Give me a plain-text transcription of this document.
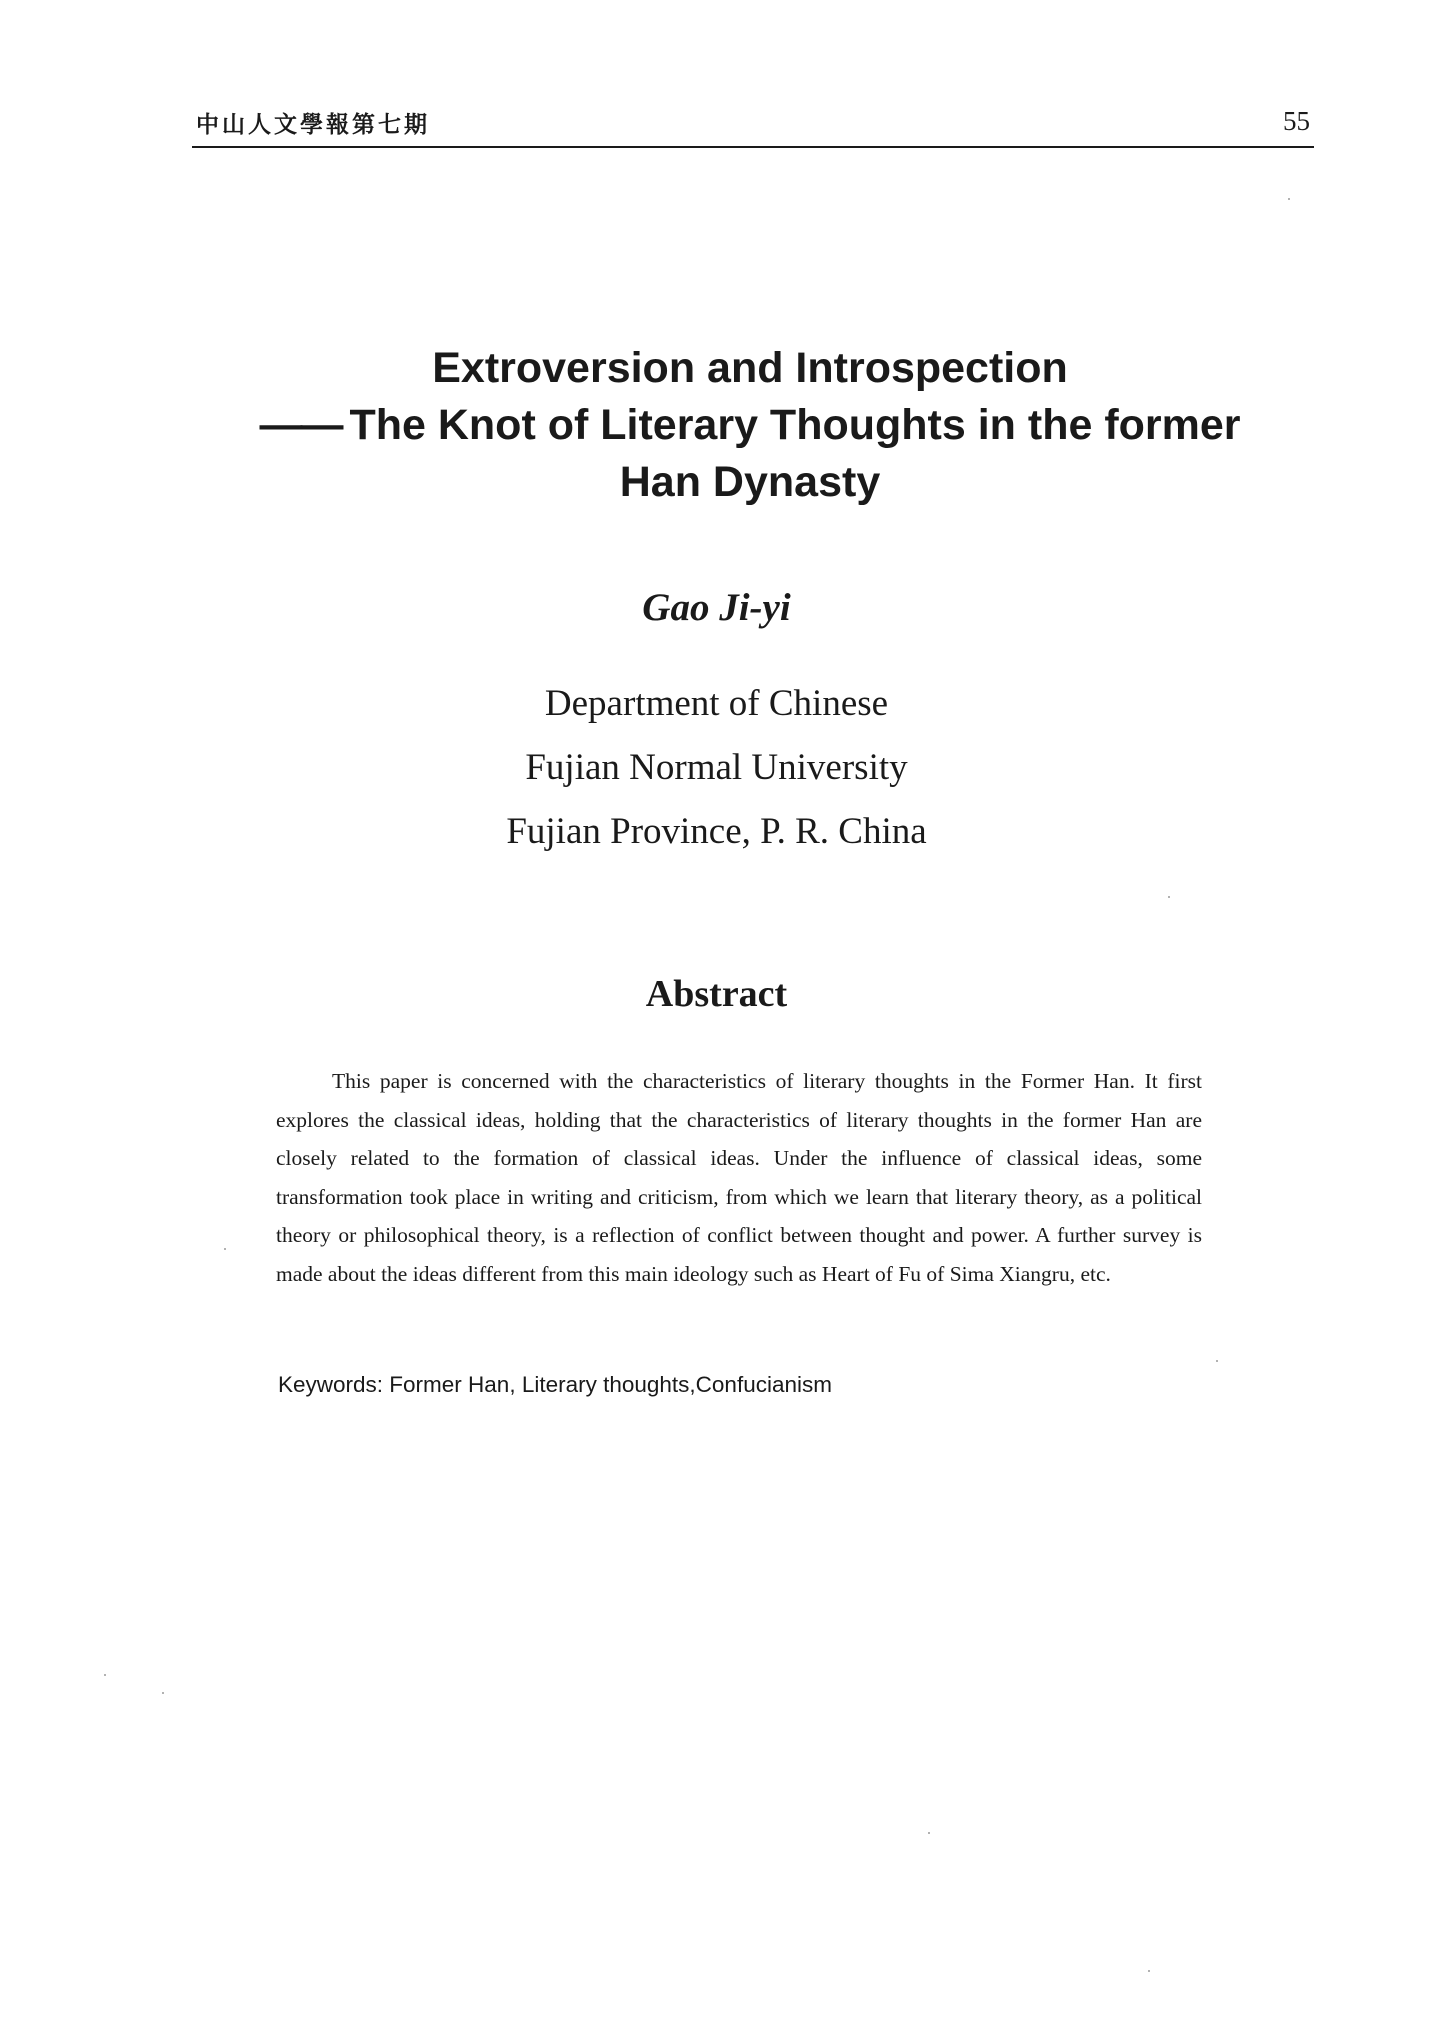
中山人文學報第七期	55
Extroversion and Introspection
—— The Knot of Literary Thoughts in the former
Han Dynasty
Gao Ji-yi
Department of Chinese
Fujian Normal University
Fujian Province, P. R. China
Abstract

This paper is concerned with the characteristics of literary thoughts in the Former Han. It first explores the classical ideas, holding that the characteristics of literary thoughts in the former Han are closely related to the formation of classical ideas. Under the influence of classical ideas, some transformation took place in writing and criticism, from which we learn that literary theory, as a political theory or philosophical theory, is a reflection of conflict between thought and power. A further survey is made about the ideas different from this main ideology such as Heart of Fu of Sima Xiangru, etc.

Keywords: Former Han, Literary thoughts,Confucianism
